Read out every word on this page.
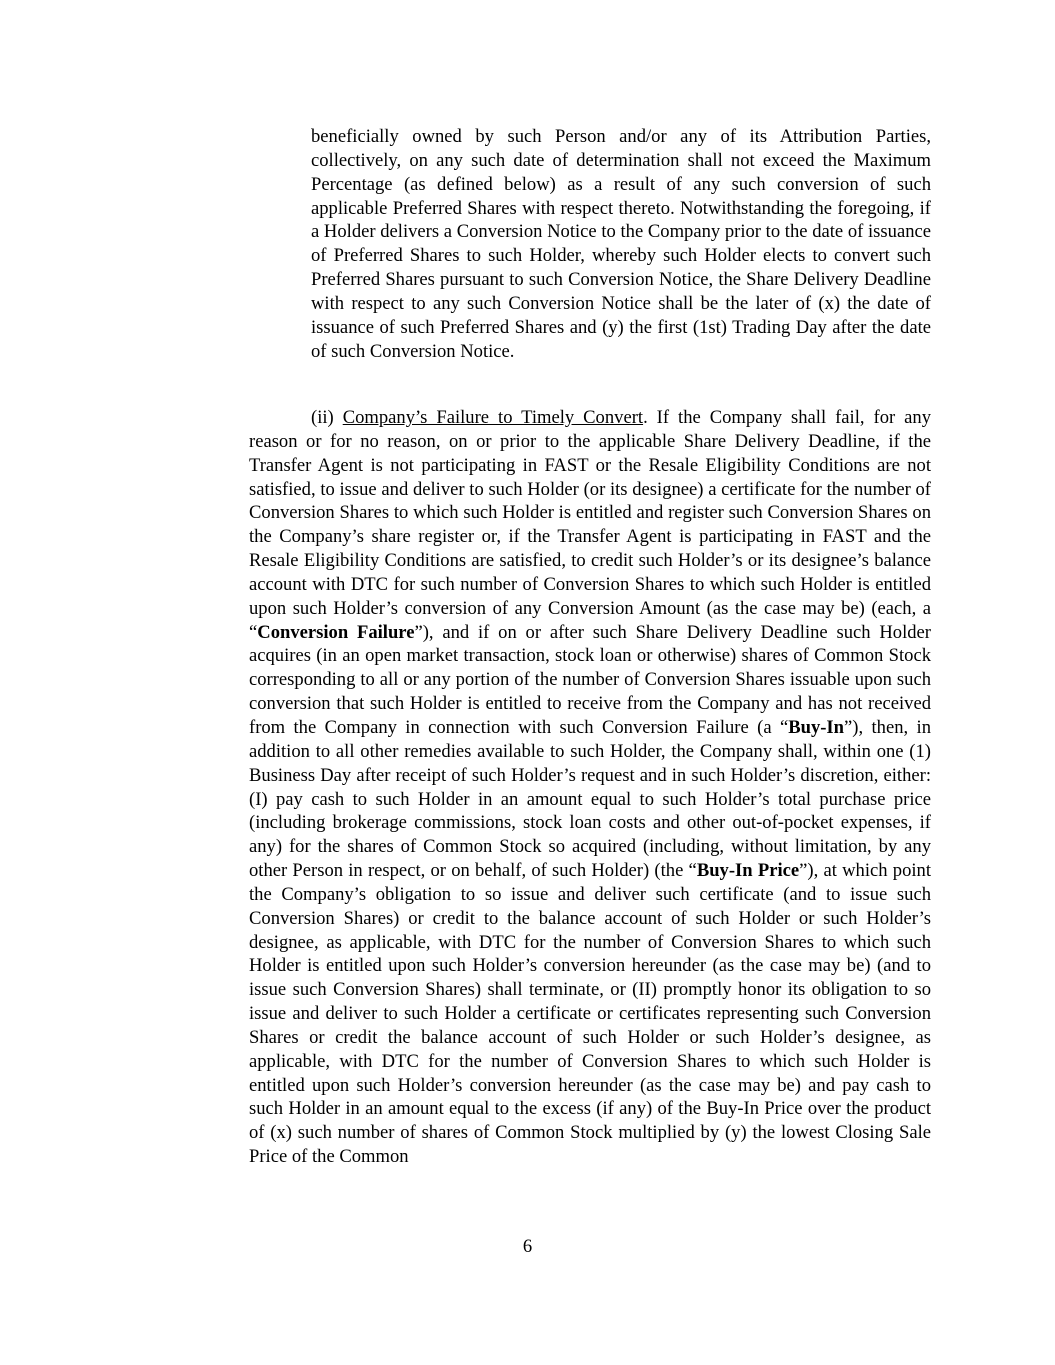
beneficially owned by such Person and/or any of its Attribution Parties, collectively, on any such date of determination shall not exceed the Maximum Percentage (as defined below) as a result of any such conversion of such applicable Preferred Shares with respect thereto. Notwithstanding the foregoing, if a Holder delivers a Conversion Notice to the Company prior to the date of issuance of Preferred Shares to such Holder, whereby such Holder elects to convert such Preferred Shares pursuant to such Conversion Notice, the Share Delivery Deadline with respect to any such Conversion Notice shall be the later of (x) the date of issuance of such Preferred Shares and (y) the first (1st) Trading Day after the date of such Conversion Notice.

(ii) Company’s Failure to Timely Convert. If the Company shall fail, for any reason or for no reason, on or prior to the applicable Share Delivery Deadline, if the Transfer Agent is not participating in FAST or the Resale Eligibility Conditions are not satisfied, to issue and deliver to such Holder (or its designee) a certificate for the number of Conversion Shares to which such Holder is entitled and register such Conversion Shares on the Company’s share register or, if the Transfer Agent is participating in FAST and the Resale Eligibility Conditions are satisfied, to credit such Holder’s or its designee’s balance account with DTC for such number of Conversion Shares to which such Holder is entitled upon such Holder’s conversion of any Conversion Amount (as the case may be) (each, a “Conversion Failure”), and if on or after such Share Delivery Deadline such Holder acquires (in an open market transaction, stock loan or otherwise) shares of Common Stock corresponding to all or any portion of the number of Conversion Shares issuable upon such conversion that such Holder is entitled to receive from the Company and has not received from the Company in connection with such Conversion Failure (a “Buy-In”), then, in addition to all other remedies available to such Holder, the Company shall, within one (1) Business Day after receipt of such Holder’s request and in such Holder’s discretion, either: (I) pay cash to such Holder in an amount equal to such Holder’s total purchase price (including brokerage commissions, stock loan costs and other out-of-pocket expenses, if any) for the shares of Common Stock so acquired (including, without limitation, by any other Person in respect, or on behalf, of such Holder) (the “Buy-In Price”), at which point the Company’s obligation to so issue and deliver such certificate (and to issue such Conversion Shares) or credit to the balance account of such Holder or such Holder’s designee, as applicable, with DTC for the number of Conversion Shares to which such Holder is entitled upon such Holder’s conversion hereunder (as the case may be) (and to issue such Conversion Shares) shall terminate, or (II) promptly honor its obligation to so issue and deliver to such Holder a certificate or certificates representing such Conversion Shares or credit the balance account of such Holder or such Holder’s designee, as applicable, with DTC for the number of Conversion Shares to which such Holder is entitled upon such Holder’s conversion hereunder (as the case may be) and pay cash to such Holder in an amount equal to the excess (if any) of the Buy-In Price over the product of (x) such number of shares of Common Stock multiplied by (y) the lowest Closing Sale Price of the Common

6
